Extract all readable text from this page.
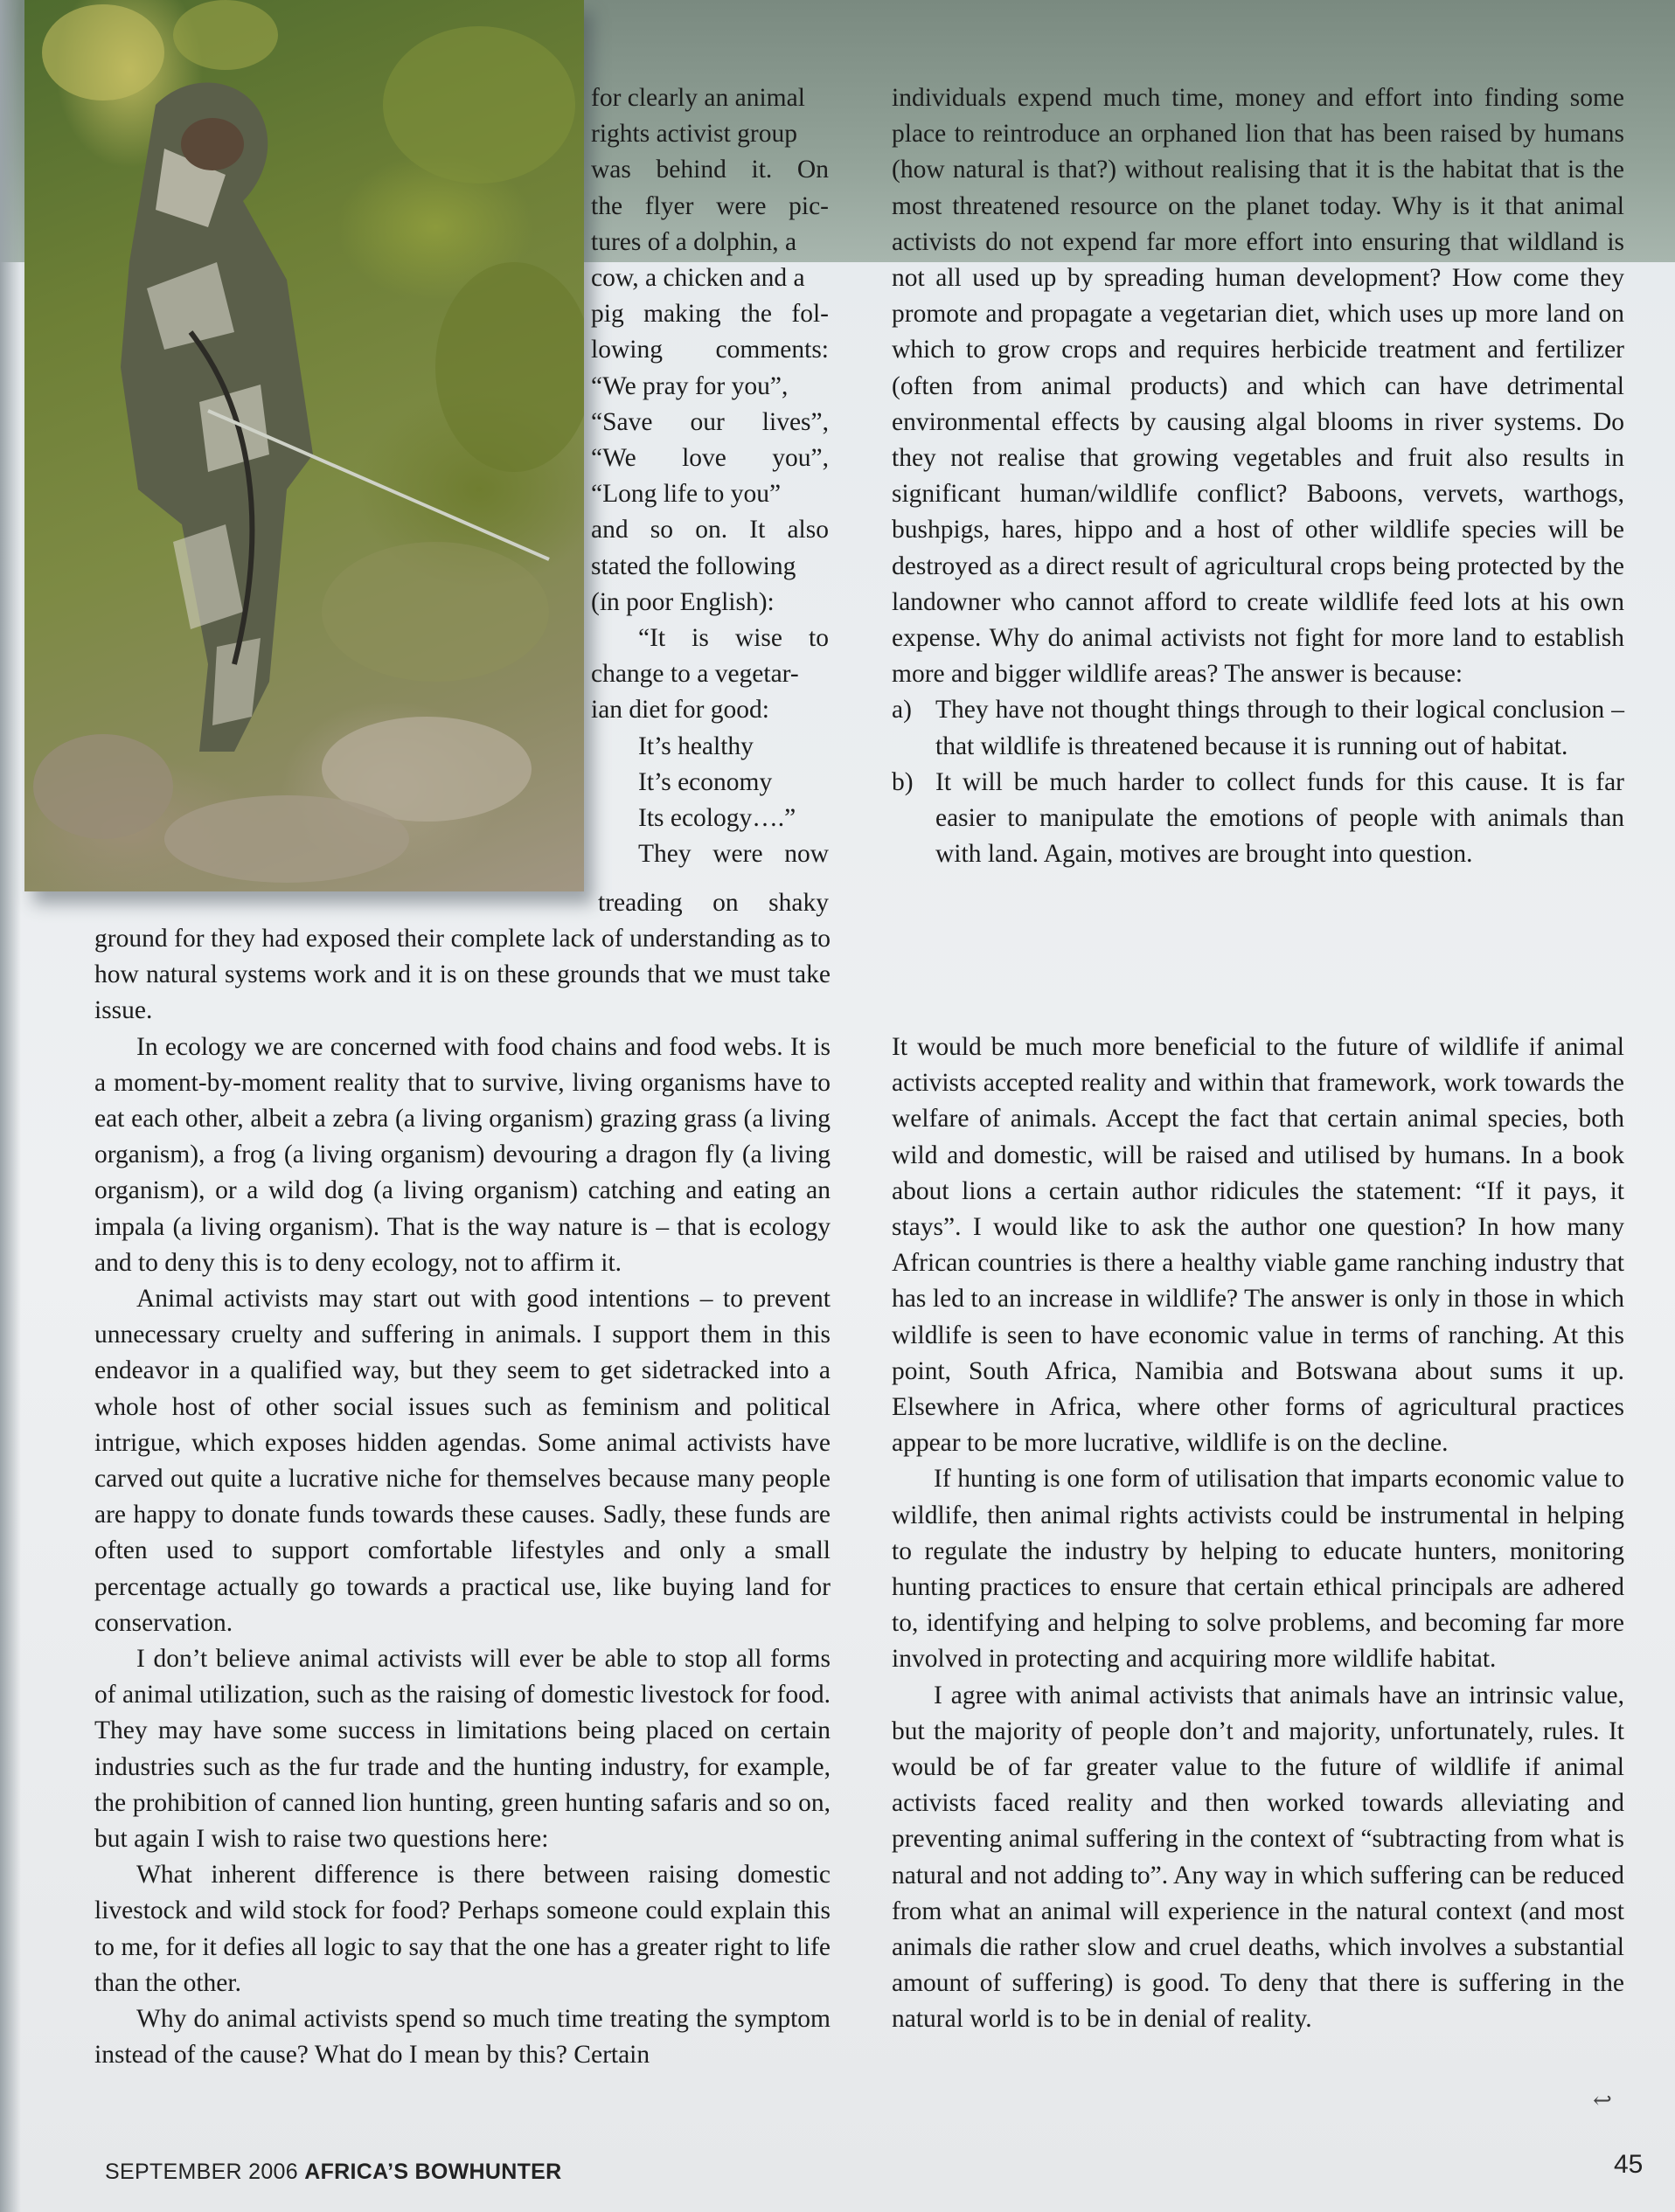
for clearly an animal
rights activist group
was behind it. On
the flyer were pic-
tures of a dolphin, a
cow, a chicken and a
pig making the fol-
lowing comments:
“We pray for you”,
“Save our lives”,
“We love you”,
“Long life to you”
and so on. It also
stated the following
(in poor English):
“It is wise to
change to a vegetar-
ian diet for good:
It’s healthy
It’s economy
Its ecology….”
They were now
treading on shaky

ground for they had exposed their complete lack of understanding as to how natural systems work and it is on these grounds that we must take issue.

In ecology we are concerned with food chains and food webs. It is a moment-by-moment reality that to survive, living organisms have to eat each other, albeit a zebra (a living organism) grazing grass (a living organism), a frog (a living organism) devouring a dragon fly (a living organism), or a wild dog (a living organism) catching and eating an impala (a living organism). That is the way nature is – that is ecology and to deny this is to deny ecology, not to affirm it.

Animal activists may start out with good intentions – to prevent unnecessary cruelty and suffering in animals. I support them in this endeavor in a qualified way, but they seem to get sidetracked into a whole host of other social issues such as feminism and political intrigue, which exposes hidden agendas. Some animal activists have carved out quite a lucrative niche for themselves because many people are happy to donate funds towards these causes. Sadly, these funds are often used to support comfortable lifestyles and only a small percentage actually go towards a practical use, like buying land for conservation.

I don’t believe animal activists will ever be able to stop all forms of animal utilization, such as the raising of domestic livestock for food. They may have some success in limitations being placed on certain industries such as the fur trade and the hunting industry, for example, the prohibition of canned lion hunting, green hunting safaris and so on, but again I wish to raise two questions here:

What inherent difference is there between raising domestic livestock and wild stock for food? Perhaps someone could explain this to me, for it defies all logic to say that the one has a greater right to life than the other.

Why do animal activists spend so much time treating the symptom instead of the cause? What do I mean by this? Certain

individuals expend much time, money and effort into finding some place to reintroduce an orphaned lion that has been raised by humans (how natural is that?) without realising that it is the habitat that is the most threatened resource on the planet today. Why is it that animal activists do not expend far more effort into ensuring that wildland is not all used up by spreading human development? How come they promote and propagate a vegetarian diet, which uses up more land on which to grow crops and requires herbicide treatment and fertilizer (often from animal products) and which can have detrimental environmental effects by causing algal blooms in river systems. Do they not realise that growing vegetables and fruit also results in significant human/wildlife conflict? Baboons, vervets, warthogs, bushpigs, hares, hippo and a host of other wildlife species will be destroyed as a direct result of agricultural crops being protected by the landowner who cannot afford to create wildlife feed lots at his own expense. Why do animal activists not fight for more land to establish more and bigger wildlife areas? The answer is because:

a) They have not thought things through to their logical conclusion – that wildlife is threatened because it is running out of habitat.
b) It will be much harder to collect funds for this cause. It is far easier to manipulate the emotions of people with animals than with land. Again, motives are brought into question.

It would be much more beneficial to the future of wildlife if animal activists accepted reality and within that framework, work towards the welfare of animals. Accept the fact that certain animal species, both wild and domestic, will be raised and utilised by humans. In a book about lions a certain author ridicules the statement: “If it pays, it stays”. I would like to ask the author one question? In how many African countries is there a healthy viable game ranching industry that has led to an increase in wildlife? The answer is only in those in which wildlife is seen to have economic value in terms of ranching. At this point, South Africa, Namibia and Botswana about sums it up. Elsewhere in Africa, where other forms of agricultural practices appear to be more lucrative, wildlife is on the decline.

If hunting is one form of utilisation that imparts economic value to wildlife, then animal rights activists could be instrumental in helping to regulate the industry by helping to educate hunters, monitoring hunting practices to ensure that certain ethical principals are adhered to, identifying and helping to solve problems, and becoming far more involved in protecting and acquiring more wildlife habitat.

I agree with animal activists that animals have an intrinsic value, but the majority of people don’t and majority, unfortunately, rules. It would be of far greater value to the future of wildlife if animal activists faced reality and then worked towards alleviating and preventing animal suffering in the context of “subtracting from what is natural and not adding to”. Any way in which suffering can be reduced from what an animal will experience in the natural context (and most animals die rather slow and cruel deaths, which involves a substantial amount of suffering) is good. To deny that there is suffering in the natural world is to be in denial of reality.

↩
SEPTEMBER 2006 AFRICA’S BOWHUNTER	45
